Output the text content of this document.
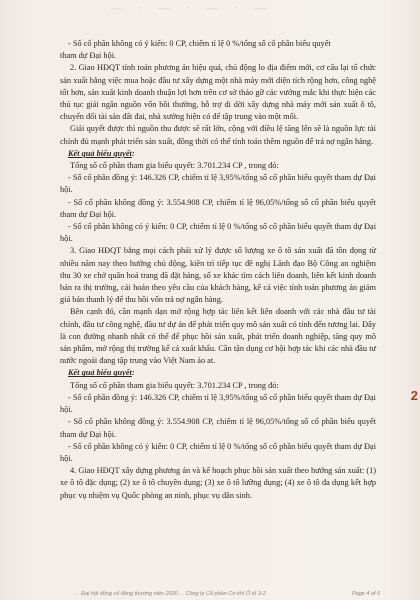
— · — · — · —

- Số cổ phần không có ý kiến: 0 CP, chiếm tỉ lệ 0 %/tổng số cổ phần biểu quyết

tham dự Đại hội.

2. Giao HĐQT tính toán phương án hiệu quả, chủ động lo địa điểm mới, cơ cấu lại tổ chức sản xuất bằng việc mua hoặc đầu tư xây dựng một nhà máy mới diện tích rộng hơn, công nghệ tốt hơn, sản xuất kinh doanh thuận lợi hơn trên cơ sở tháo gỡ các vướng mắc khi thực hiện các thủ tục giải ngân nguồn vốn bồi thường, hỗ trợ di dời xây dựng nhà máy mới sản xuất ô tô, chuyển đổi tài sản đất đai, nhà xưởng hiện có để tập trung vào một mối.

Giải quyết được thì nguồn thu được sẽ rất lớn, cộng với điều lệ tăng lên sẽ là nguồn lực tài chính đủ mạnh phát triển sản xuất, đồng thời có thể tính toán thêm nguồn để trả nợ ngân hàng.

Kết quả biểu quyết:

Tổng số cổ phần tham gia biểu quyết: 3.701.234 CP , trong đó:

- Số cổ phần đồng ý: 146.326 CP, chiếm tỉ lệ 3,95%/tổng số cổ phần biểu quyết tham dự Đại hội.

- Số cổ phần không đồng ý: 3.554.908 CP, chiếm tỉ lệ 96,05%/tổng số cổ phần biểu quyết tham dự Đại hội.

- Số cổ phần không có ý kiến: 0 CP, chiếm tỉ lệ 0 %/tổng số cổ phần biểu quyết tham dự Đại hội.

3. Giao HĐQT bằng mọi cách phải xử lý được số lượng xe ô tô sản xuất đã tồn đọng từ nhiều năm nay theo hướng chủ động, kiên trì tiếp tục đề nghị Lãnh đạo Bộ Công an nghiệm thu 30 xe chở quân hoá trang đã đặt hàng, số xe khác tìm cách liên doanh, liên kết kinh doanh bán ra thị trường, cải hoán theo yêu cầu của khách hàng, kế cả việc tính toán phương án giảm giá bán thanh lý để thu hồi vốn trả nợ ngân hàng.

Bên cạnh đó, cần mạnh dạn mở rộng hợp tác liên kết liên doanh với các nhà đầu tư tài chính, đầu tư công nghệ, đầu tư dự án để phát triển quy mô sản xuất có tính đến tương lai. Đây là con đường nhanh nhất có thể để phục hồi sản xuất, phát triển doanh nghiệp, tăng quy mô sản phẩm, mở rộng thị trường kể cả xuất khẩu. Cần tận dụng cơ hội hợp tác khi các nhà đầu tư nước ngoài đang tập trung vào Việt Nam ảo at.

Kết quả biểu quyết:

Tổng số cổ phần tham gia biểu quyết: 3.701.234 CP , trong đó:

- Số cổ phần đồng ý: 146.326 CP, chiếm tỉ lệ 3,95%/tổng số cổ phần biểu quyết tham dự Đại hội.

- Số cổ phần không đồng ý: 3.554.908 CP, chiếm tỉ lệ 96,05%/tổng số cổ phần biểu quyết tham dự Đại hội.

- Số cổ phần không có ý kiến: 0 CP, chiếm tỉ lệ 0 %/tổng số cổ phần biểu quyết tham dự Đại hội.

4. Giao HĐQT xây dựng phương án và kế hoạch phục hồi sản xuất theo hướng sản xuất: (1) xe ô tô đặc dụng; (2) xe ô tô chuyên dụng; (3) xe ô tô lưỡng dụng; (4) xe ô tô đa dụng kết hợp phục vụ nhiệm vụ Quốc phòng an ninh, phục vụ dân sinh.

2
... Đại hội đồng cổ đông thường niên 2020 ... Công ty Cổ phần Cơ khí Ô tô 3-2	Page 4 of 6
